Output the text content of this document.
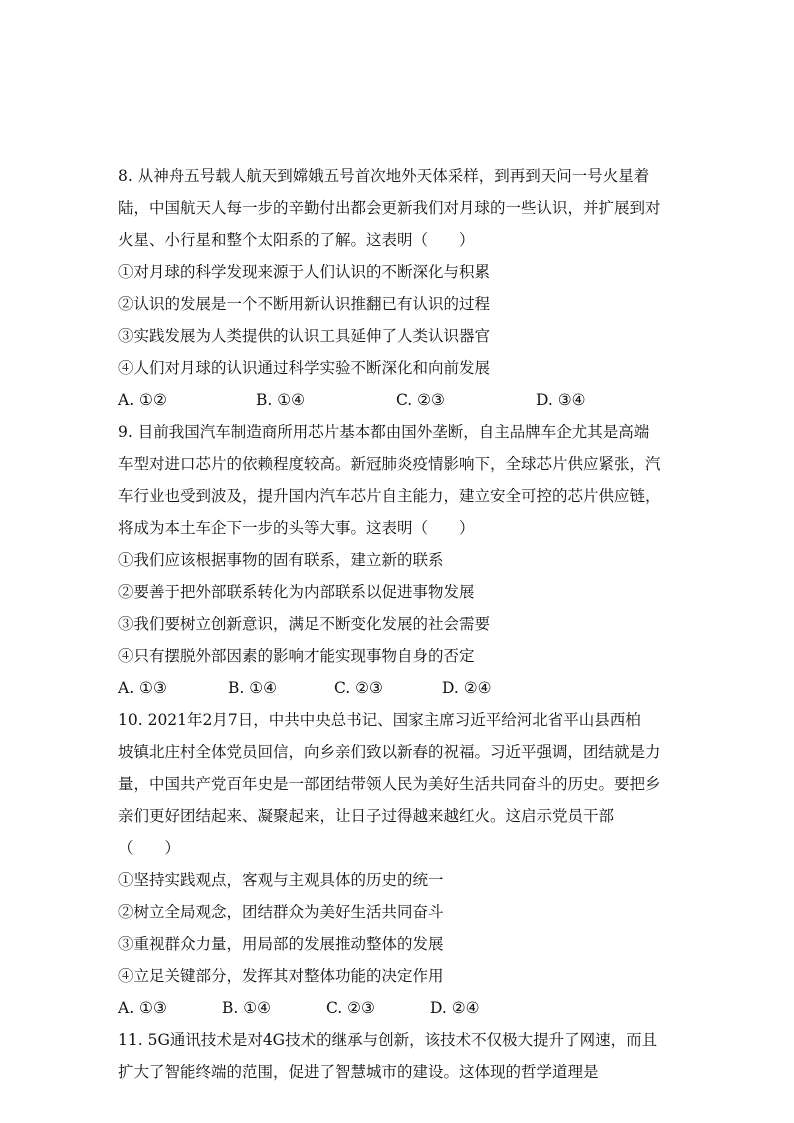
8. 从神舟五号载人航天到嫦娥五号首次地外天体采样，到再到天问一号火星着
陆，中国航天人每一步的辛勤付出都会更新我们对月球的一些认识，并扩展到对
火星、小行星和整个太阳系的了解。这表明（　　）
①对月球的科学发现来源于人们认识的不断深化与积累
②认识的发展是一个不断用新认识推翻已有认识的过程
③实践发展为人类提供的认识工具延伸了人类认识器官
④人们对月球的认识通过科学实验不断深化和向前发展
A. ①②	B. ①④	C. ②③	D. ③④
9. 目前我国汽车制造商所用芯片基本都由国外垄断，自主品牌车企尤其是高端
车型对进口芯片的依赖程度较高。新冠肺炎疫情影响下，全球芯片供应紧张，汽
车行业也受到波及，提升国内汽车芯片自主能力，建立安全可控的芯片供应链，
将成为本土车企下一步的头等大事。这表明（　　）
①我们应该根据事物的固有联系，建立新的联系
②要善于把外部联系转化为内部联系以促进事物发展
③我们要树立创新意识，满足不断变化发展的社会需要
④只有摆脱外部因素的影响才能实现事物自身的否定
A. ①③	B. ①④	C. ②③	D. ②④
10. 2021年2月7日，中共中央总书记、国家主席习近平给河北省平山县西柏
坡镇北庄村全体党员回信，向乡亲们致以新春的祝福。习近平强调，团结就是力
量，中国共产党百年史是一部团结带领人民为美好生活共同奋斗的历史。要把乡
亲们更好团结起来、凝聚起来，让日子过得越来越红火。这启示党员干部
（　　）
①坚持实践观点，客观与主观具体的历史的统一
②树立全局观念，团结群众为美好生活共同奋斗
③重视群众力量，用局部的发展推动整体的发展
④立足关键部分，发挥其对整体功能的决定作用
A. ①③	B. ①④	C. ②③	D. ②④
11. 5G通讯技术是对4G技术的继承与创新，该技术不仅极大提升了网速，而且
扩大了智能终端的范围，促进了智慧城市的建设。这体现的哲学道理是
